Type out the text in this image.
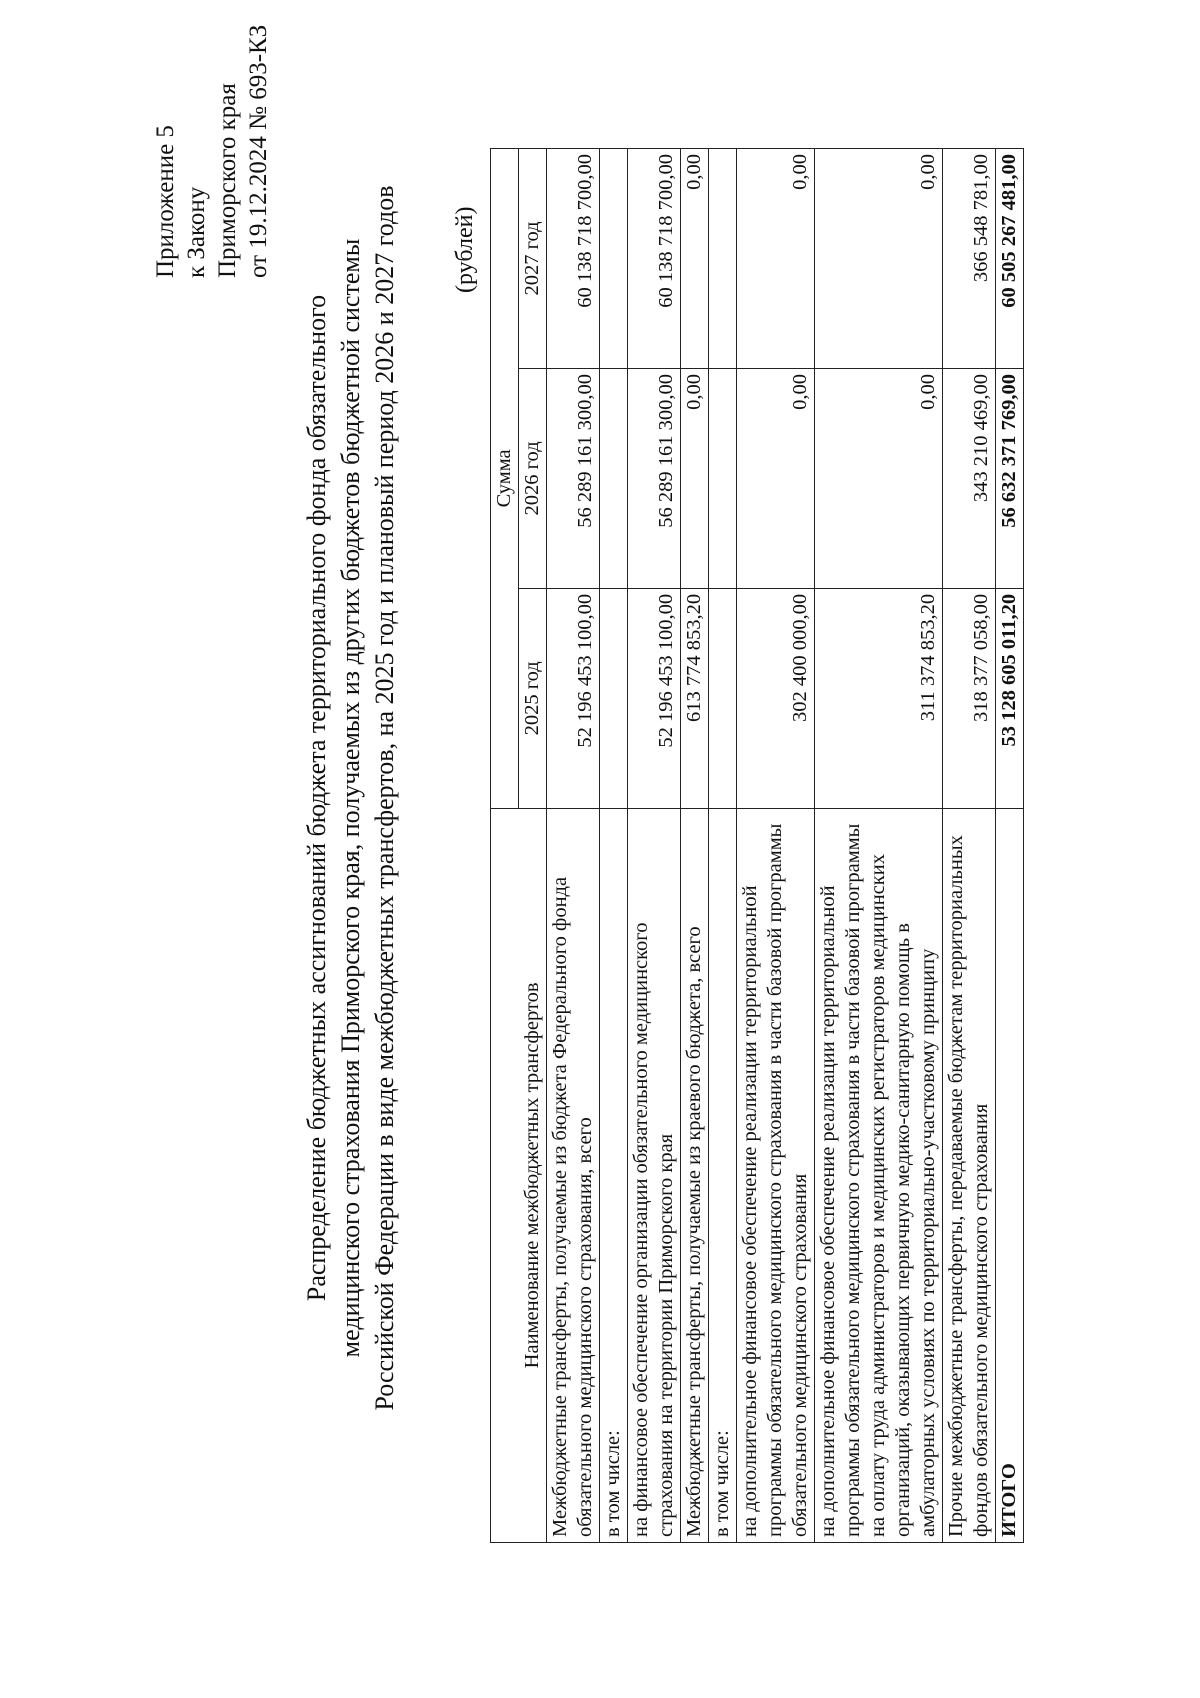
Приложение 5 к Закону Приморского края от 19.12.2024 № 693-КЗ
Распределение бюджетных ассигнований бюджета территориального фонда обязательного медицинского страхования Приморского края, получаемых из других бюджетов бюджетной системы Российской Федерации в виде межбюджетных трансфертов, на 2025 год и плановый период 2026 и 2027 годов (рублей)
Наименование межбюджетных трансфертов	Сумма		
	2025 год	2026 год	2027 год
Межбюджетные трансферты, получаемые из бюджета Федерального фонда обязательного медицинского страхования, всего	52 196 453 100,00	56 289 161 300,00	60 138 718 700,00
в том числе:			
на финансовое обеспечение организации обязательного медицинского страхования на территории Приморского края	52 196 453 100,00	56 289 161 300,00	60 138 718 700,00
Межбюджетные трансферты, получаемые из краевого бюджета, всего	613 774 853,20	0,00	0,00
в том числе:			
на дополнительное финансовое обеспечение реализации территориальной программы обязательного медицинского страхования в части базовой программы обязательного медицинского страхования	302 400 000,00	0,00	0,00
на дополнительное финансовое обеспечение реализации территориальной программы обязательного медицинского страхования в части базовой программы на оплату труда администраторов и медицинских регистраторов медицинских организаций, оказывающих первичную медико-санитарную помощь в амбулаторных условиях по территориально-участковому принципу	311 374 853,20	0,00	0,00
Прочие межбюджетные трансферты, передаваемые бюджетам территориальных фондов обязательного медицинского страхования	318 377 058,00	343 210 469,00	366 548 781,00
ИТОГО	53 128 605 011,20	56 632 371 769,00	60 505 267 481,00
